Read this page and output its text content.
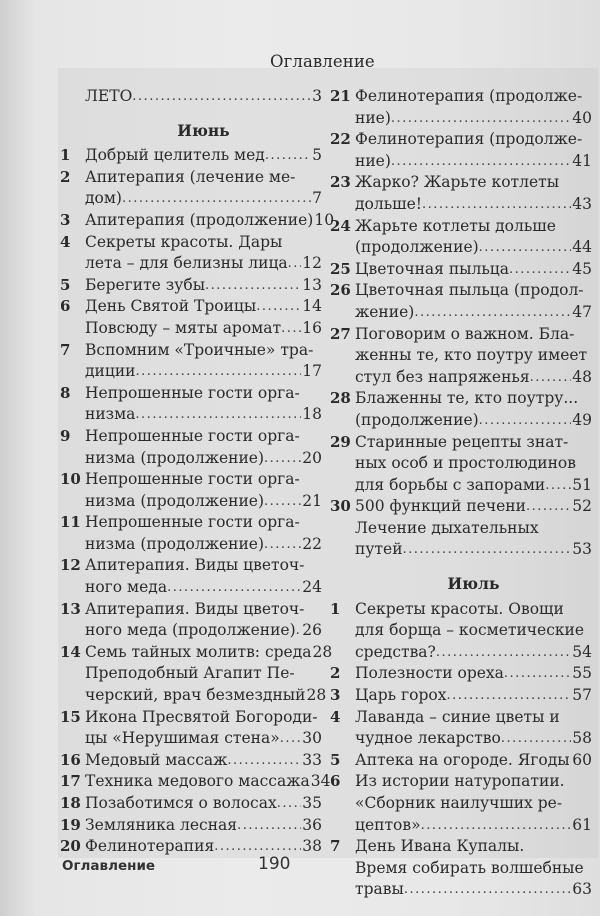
Оглавление
ЛЕТО .....	3
Июнь
1 Добрый целитель мед .....	5
2 Апитерапия (лечение ме-
дом) .....	7
3 Апитерапия (продолжение) 10
4 Секреты красоты. Дары
лета – для белизны лица ..... 12
5 Берегите зубы .....	13
6 День Святой Троицы .....	14
Повсюду – мяты аромат ..... 16
7 Вспомним «Троичные» тра-
диции .....	17
8 Непрошенные гости орга-
низма .....	18
9 Непрошенные гости орга-
низма (продолжение) ..... 20
10 Непрошенные гости орга-
низма (продолжение) ..... 21
11 Непрошенные гости орга-
низма (продолжение) ..... 22
12 Апитерапия. Виды цветоч-
ного меда .....	24
13 Апитерапия. Виды цветоч-
ного меда (продолжение) ..... 26
14 Семь тайных молитв: среда 28
Преподобный Агапит Пе-
черский, врач безмездный 28
15 Икона Пресвятой Богороди-
цы «Нерушимая стена» ..... 30
16 Медовый массаж .....	33
17 Техника медового массажа 34
18 Позаботимся о волосах ..... 35
19 Земляника лесная .....	36
20 Фелинотерапия .....	38
21 Фелинотерапия (продолже-
ние) .....	40
22 Фелинотерапия (продолже-
ние) .....	41
23 Жарко? Жарьте котлеты
дольше! .....	43
24 Жарьте котлеты дольше
(продолжение) .....	44
25 Цветочная пыльца .....	45
26 Цветочная пыльца (продол-
жение) .....	47
27 Поговорим о важном. Бла-
женны те, кто поутру имеет
стул без напряженья .....	48
28 Блаженны те, кто поутру...
(продолжение) .....	49
29 Старинные рецепты знат-
ных особ и простолюдинов
для борьбы с запорами ..... 51
30 500 функций печени .....	52
Лечение дыхательных
путей .....	53
Июль
1 Секреты красоты. Овощи
для борща – косметические
средства? .....	54
2 Полезности ореха .....	55
3 Царь горох .....	57
4 Лаванда – синие цветы и
чудное лекарство .....	58
5 Аптека на огороде. Ягоды ..... 60
6 Из истории натуропатии.
«Сборник наилучших ре-
цептов» .....	61
7 День Ивана Купалы.
Время собирать волшебные
травы .....	63
Оглавление	190
